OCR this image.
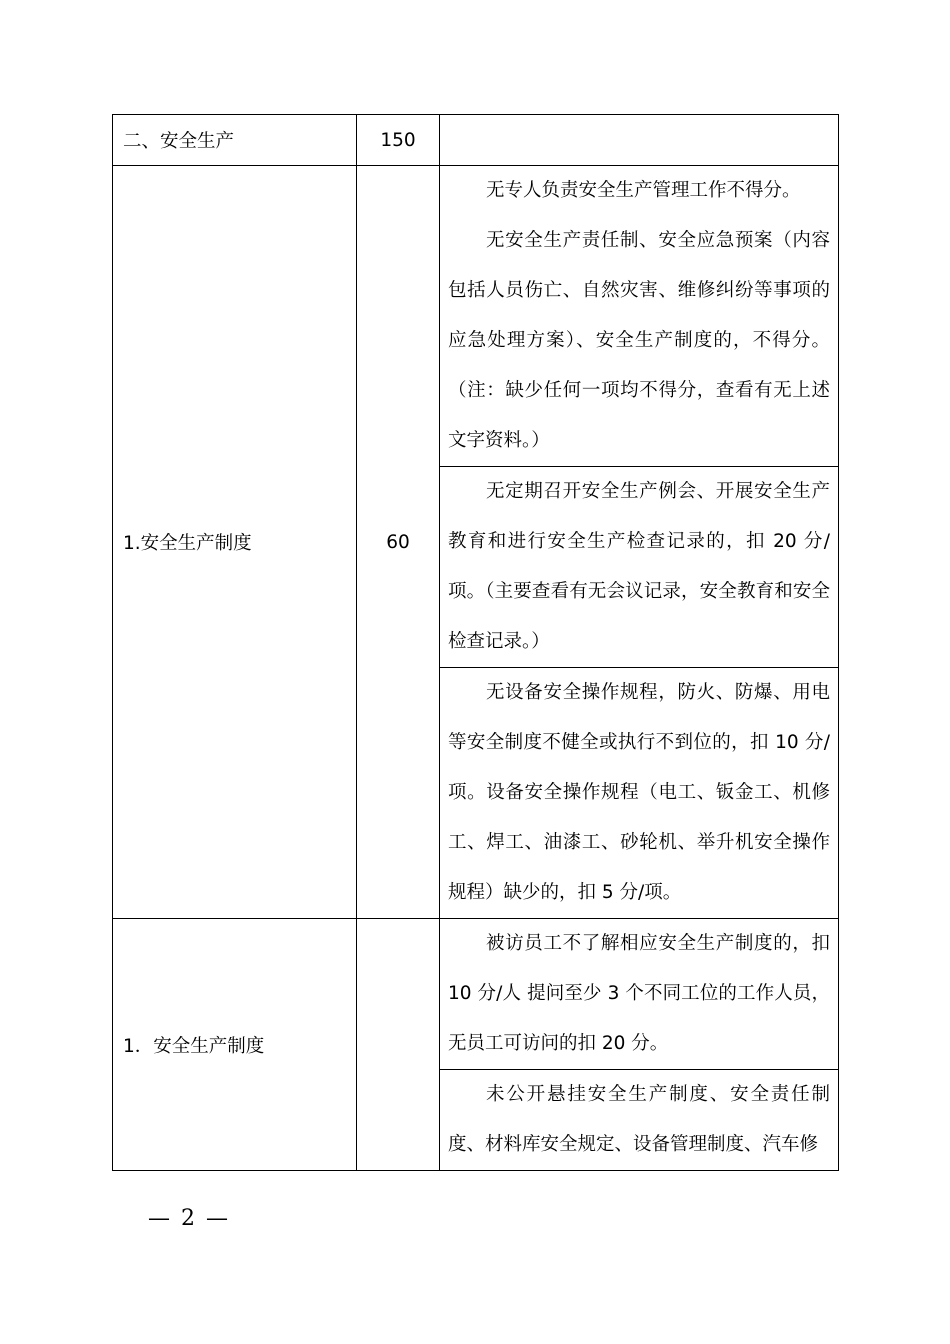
二、安全生产	150	
1.安全生产制度	60	无专人负责安全生产管理工作不得分。

无安全生产责任制、安全应急预案（内容包括人员伤亡、自然灾害、维修纠纷等事项的应急处理方案）、安全生产制度的，不得分。（注：缺少任何一项均不得分，查看有无上述文字资料。）

		无定期召开安全生产例会、开展安全生产教育和进行安全生产检查记录的，扣 20 分/项。（主要查看有无会议记录，安全教育和安全检查记录。）

		无设备安全操作规程，防火、防爆、用电等安全制度不健全或执行不到位的，扣 10 分/项。设备安全操作规程（电工、钣金工、机修工、焊工、油漆工、砂轮机、举升机安全操作规程）缺少的，扣 5 分/项。

1．安全生产制度		被访员工不了解相应安全生产制度的，扣 10 分/人 提问至少 3 个不同工位的工作人员，无员工可访问的扣 20 分。

		未公开悬挂安全生产制度、安全责任制度、材料库安全规定、设备管理制度、汽车修

— 2 —
